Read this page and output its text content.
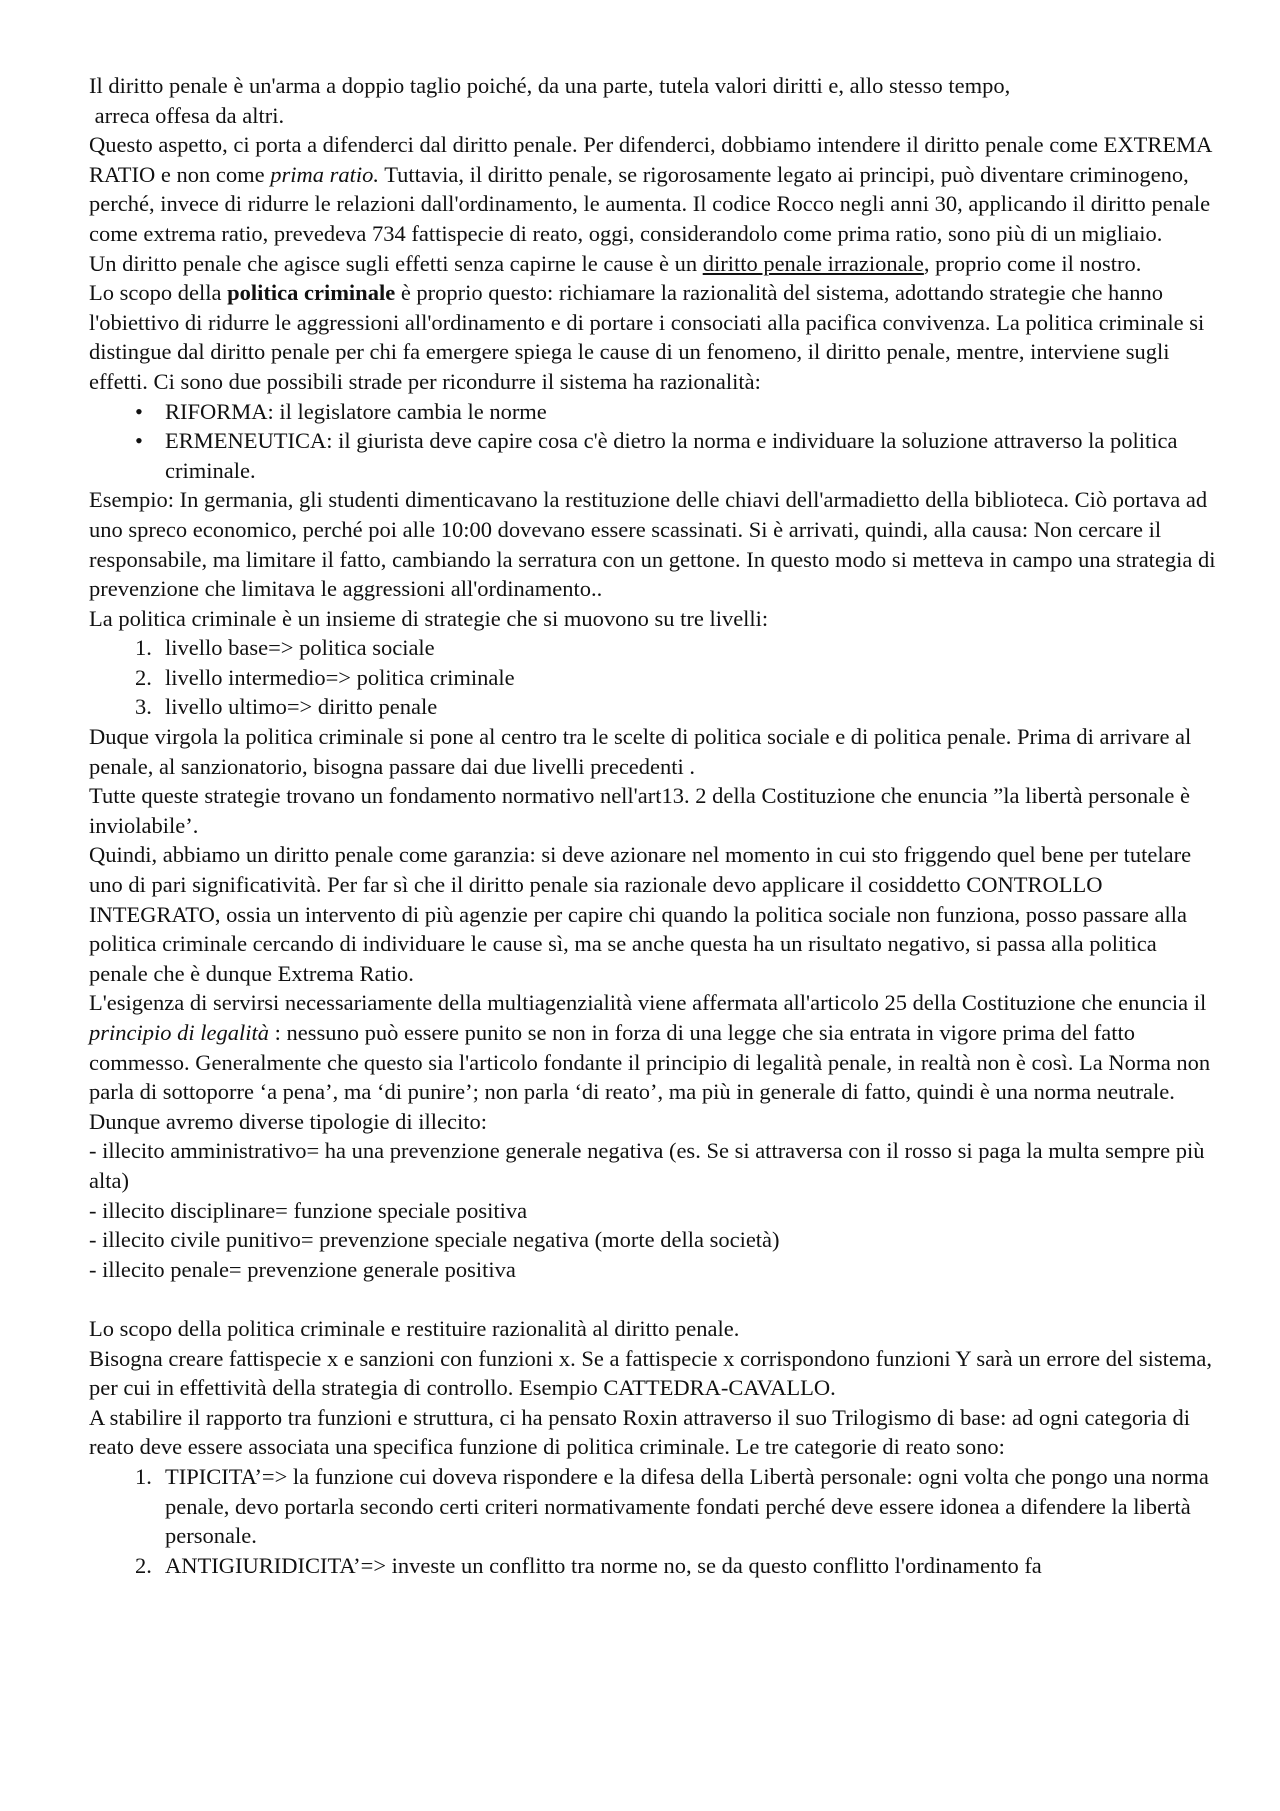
Il diritto penale è un'arma a doppio taglio poiché, da una parte, tutela valori diritti e, allo stesso tempo,
arreca offesa da altri.

Questo aspetto, ci porta a difenderci dal diritto penale. Per difenderci, dobbiamo intendere il diritto penale come EXTREMA RATIO e non come prima ratio. Tuttavia, il diritto penale, se rigorosamente legato ai principi, può diventare criminogeno, perché, invece di ridurre le relazioni dall'ordinamento, le aumenta. Il codice Rocco negli anni 30, applicando il diritto penale come extrema ratio, prevedeva 734 fattispecie di reato, oggi, considerandolo come prima ratio, sono più di un migliaio.

Un diritto penale che agisce sugli effetti senza capirne le cause è un diritto penale irrazionale, proprio come il nostro.

Lo scopo della politica criminale è proprio questo: richiamare la razionalità del sistema, adottando strategie che hanno l'obiettivo di ridurre le aggressioni all'ordinamento e di portare i consociati alla pacifica convivenza. La politica criminale si distingue dal diritto penale per chi fa emergere spiega le cause di un fenomeno, il diritto penale, mentre, interviene sugli effetti. Ci sono due possibili strade per ricondurre il sistema ha razionalità:

• RIFORMA: il legislatore cambia le norme
• ERMENEUTICA: il giurista deve capire cosa c'è dietro la norma e individuare la soluzione attraverso la politica criminale.

Esempio: In germania, gli studenti dimenticavano la restituzione delle chiavi dell'armadietto della biblioteca. Ciò portava ad uno spreco economico, perché poi alle 10:00 dovevano essere scassinati. Si è arrivati, quindi, alla causa: Non cercare il responsabile, ma limitare il fatto, cambiando la serratura con un gettone. In questo modo si metteva in campo una strategia di prevenzione che limitava le aggressioni all'ordinamento..

La politica criminale è un insieme di strategie che si muovono su tre livelli:

1. livello base=> politica sociale
2. livello intermedio=> politica criminale
3. livello ultimo=> diritto penale

Duque virgola la politica criminale si pone al centro tra le scelte di politica sociale e di politica penale. Prima di arrivare al penale, al sanzionatorio, bisogna passare dai due livelli precedenti .

Tutte queste strategie trovano un fondamento normativo nell'art13. 2 della Costituzione che enuncia ”la libertà personale è inviolabile’.

Quindi, abbiamo un diritto penale come garanzia: si deve azionare nel momento in cui sto friggendo quel bene per tutelare uno di pari significatività. Per far sì che il diritto penale sia razionale devo applicare il cosiddetto CONTROLLO INTEGRATO, ossia un intervento di più agenzie per capire chi quando la politica sociale non funziona, posso passare alla politica criminale cercando di individuare le cause sì, ma se anche questa ha un risultato negativo, si passa alla politica penale che è dunque Extrema Ratio.

L'esigenza di servirsi necessariamente della multiagenzialità viene affermata all'articolo 25 della Costituzione che enuncia il principio di legalità : nessuno può essere punito se non in forza di una legge che sia entrata in vigore prima del fatto commesso. Generalmente che questo sia l'articolo fondante il principio di legalità penale, in realtà non è così. La Norma non parla di sottoporre ‘a pena’, ma ‘di punire’; non parla ‘di reato’, ma più in generale di fatto, quindi è una norma neutrale.

Dunque avremo diverse tipologie di illecito:

- illecito amministrativo= ha una prevenzione generale negativa (es. Se si attraversa con il rosso si paga la multa sempre più alta)

- illecito disciplinare= funzione speciale positiva

- illecito civile punitivo= prevenzione speciale negativa (morte della società)

- illecito penale= prevenzione generale positiva

Lo scopo della politica criminale e restituire razionalità al diritto penale.

Bisogna creare fattispecie x e sanzioni con funzioni x. Se a fattispecie x corrispondono funzioni Y sarà un errore del sistema, per cui in effettività della strategia di controllo. Esempio CATTEDRA-CAVALLO.

A stabilire il rapporto tra funzioni e struttura, ci ha pensato Roxin attraverso il suo Trilogismo di base: ad ogni categoria di reato deve essere associata una specifica funzione di politica criminale. Le tre categorie di reato sono:

1. TIPICITA’=> la funzione cui doveva rispondere e la difesa della Libertà personale: ogni volta che pongo una norma penale, devo portarla secondo certi criteri normativamente fondati perché deve essere idonea a difendere la libertà personale.
2. ANTIGIURIDICITA’=> investe un conflitto tra norme no, se da questo conflitto l'ordinamento fa
